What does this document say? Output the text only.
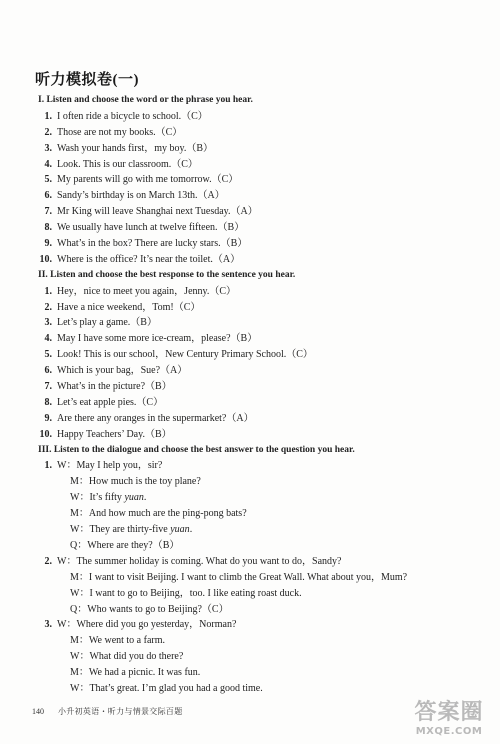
听力模拟卷(一)
I. Listen and choose the word or the phrase you hear.
1. I often ride a bicycle to school.（C）
2. Those are not my books.（C）
3. Wash your hands first，my boy.（B）
4. Look. This is our classroom.（C）
5. My parents will go with me tomorrow.（C）
6. Sandy’s birthday is on March 13th.（A）
7. Mr King will leave Shanghai next Tuesday.（A）
8. We usually have lunch at twelve fifteen.（B）
9. What’s in the box? There are lucky stars.（B）
10. Where is the office? It’s near the toilet.（A）
II. Listen and choose the best response to the sentence you hear.
1. Hey，nice to meet you again，Jenny.（C）
2. Have a nice weekend，Tom!（C）
3. Let’s play a game.（B）
4. May I have some more ice-cream，please?（B）
5. Look! This is our school，New Century Primary School.（C）
6. Which is your bag，Sue?（A）
7. What’s in the picture?（B）
8. Let’s eat apple pies.（C）
9. Are there any oranges in the supermarket?（A）
10. Happy Teachers’ Day.（B）
III. Listen to the dialogue and choose the best answer to the question you hear.
1. W：May I help you，sir?
M：How much is the toy plane?
W：It’s fifty yuan.
M：And how much are the ping-pong bats?
W：They are thirty-five yuan.
Q：Where are they?（B）
2. W：The summer holiday is coming. What do you want to do，Sandy?
M：I want to visit Beijing. I want to climb the Great Wall. What about you，Mum?
W：I want to go to Beijing，too. I like eating roast duck.
Q：Who wants to go to Beijing?（C）
3. W：Where did you go yesterday，Norman?
M：We went to a farm.
W：What did you do there?
M：We had a picnic. It was fun.
W：That’s great. I’m glad you had a good time.
140 小升初英语・听力与情景交际百题	答案圈
MXQE.COM
